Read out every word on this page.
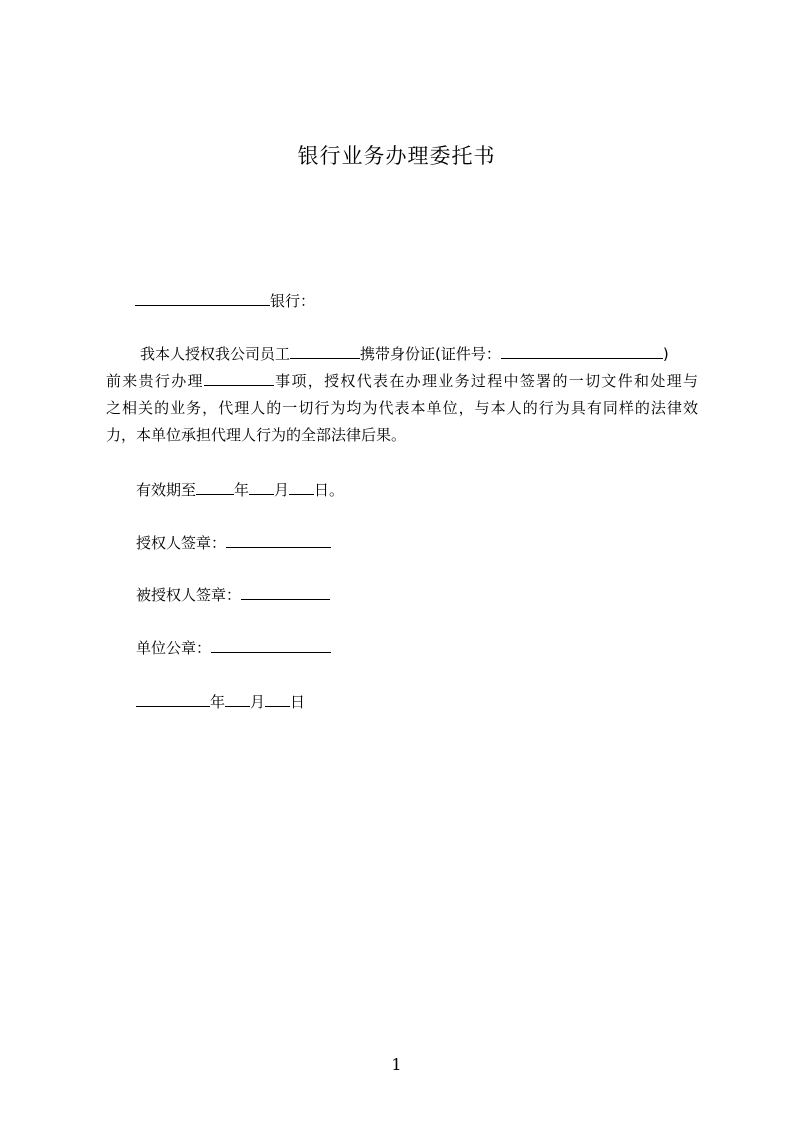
银行业务办理委托书
银行：
我本人授权我公司员工	携带身份证(证件号：	)
前来贵行办理	事项，授权代表在办理业务过程中签署的一切文件和处理与
之相关的业务，代理人的一切行为均为代表本单位，与本人的行为具有同样的法律效
力，本单位承担代理人行为的全部法律后果。
有效期至	年 月 日。
授权人签章：
被授权人签章：
单位公章：
年 月 日
1
